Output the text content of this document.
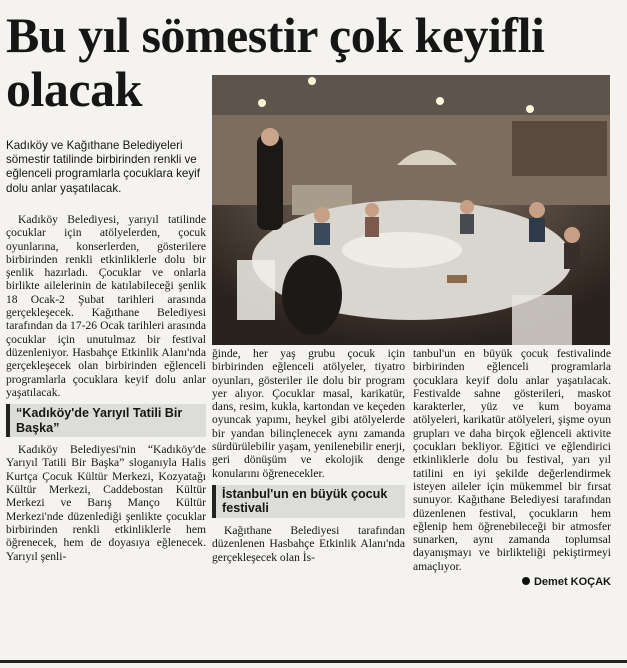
Bu yıl sömestir çok keyifli
olacak

Kadıköy ve Kağıthane Belediyeleri sömestir tatilinde birbirinden renkli ve eğlenceli programlarla çocuklara keyif dolu anlar yaşatılacak.

Kadıköy Belediyesi, yarıyıl tatilinde çocuklar için atölyelerden, çocuk oyunlarına, konserlerden, gösterilere birbirinden renkli etkinliklerle dolu bir şenlik hazırladı. Çocuklar ve onlarla birlikte ailelerinin de katılabileceği şenlik 18 Ocak-2 Şubat tarihleri arasında gerçekleşecek. Kağıthane Belediyesi tarafından da 17-26 Ocak tarihleri arasında çocuklar için unutulmaz bir festival düzenleniyor. Hasbahçe Etkinlik Alanı'nda gerçekleşecek olan birbirinden eğlenceli programlarla çocuklara keyif dolu anlar yaşatılacak.

“Kadıköy'de Yarıyıl Tatili Bir Başka”

Kadıköy Belediyesi'nin “Kadıköy'de Yarıyıl Tatili Bir Başka” sloganıyla Halis Kurtça Çocuk Kültür Merkezi, Kozyatağı Kültür Merkezi, Caddebostan Kültür Merkezi ve Barış Manço Kültür Merkezi'nde düzenlediği şenlikte çocuklar birbirinden renkli etkinliklerle hem öğrenecek, hem de doyasıya eğlenecek. Yarıyıl şenli-

ğinde, her yaş grubu çocuk için birbirinden eğlenceli atölyeler, tiyatro oyunları, gösteriler ile dolu bir program yer alıyor. Çocuklar masal, karikatür, dans, resim, kukla, kartondan ve keçeden oyuncak yapımı, heykel gibi atölyelerde bir yandan bilinçlenecek aynı zamanda sürdürülebilir yaşam, yenilenebilir enerji, geri dönüşüm ve ekolojik denge konularını öğrenecekler.

İstanbul'un en büyük çocuk festivali

Kağıthane Belediyesi tarafından düzenlenen Hasbahçe Etkinlik Alanı'nda gerçekleşecek olan İs-

tanbul'un en büyük çocuk festivalinde birbirinden eğlenceli programlarla çocuklara keyif dolu anlar yaşatılacak. Festivalde sahne gösterileri, maskot karakterler, yüz ve kum boyama atölyeleri, karikatür atölyeleri, şişme oyun grupları ve daha birçok eğlenceli aktivite çocukları bekliyor. Eğitici ve eğlendirici etkinliklerle dolu bu festival, yarı yıl tatilini en iyi şekilde değerlendirmek isteyen aileler için mükemmel bir fırsat sunuyor. Kağıthane Belediyesi tarafından düzenlenen festival, çocukların hem eğlenip hem öğrenebileceği bir atmosfer sunarken, aynı zamanda toplumsal dayanışmayı ve birlikteliği pekiştirmeyi amaçlıyor.

Demet KOÇAK
